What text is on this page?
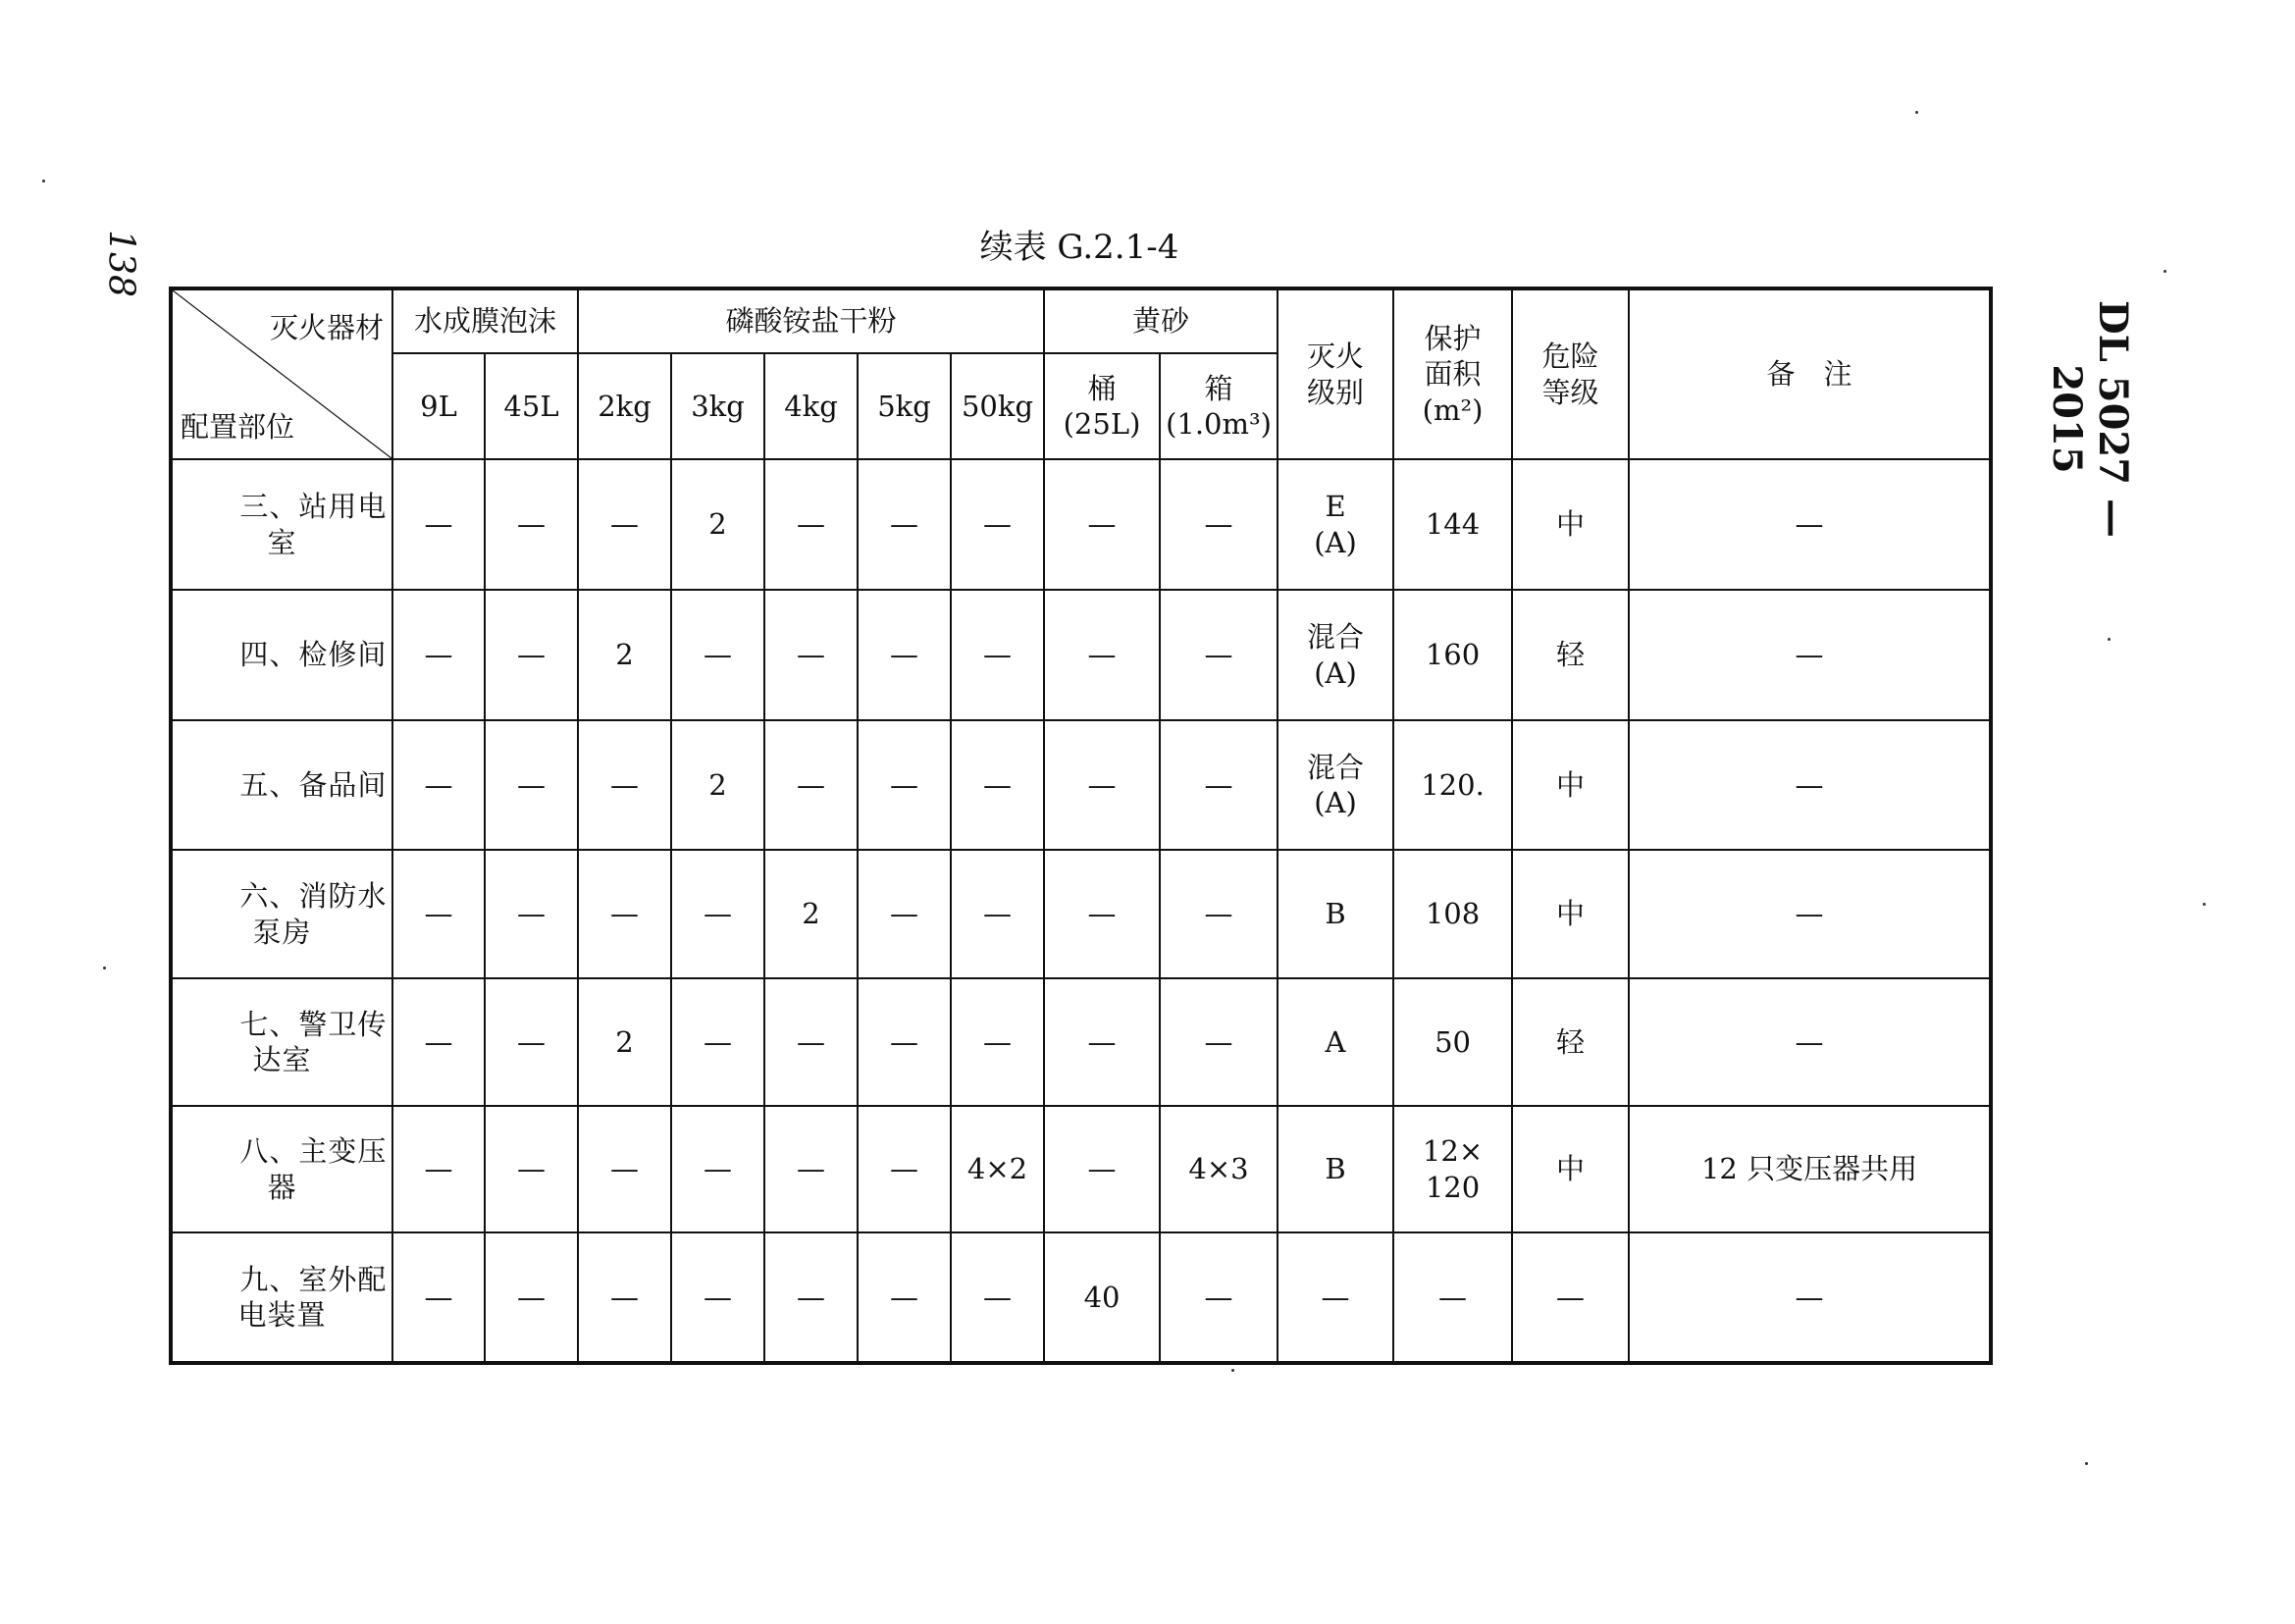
138
DL 5027 — 2015
续表 G.2.1-4
灭火器材
配置部位	水成膜泡沫		磷酸铵盐干粉					黄砂		灭火
级别	保护
面积
(m²)	危险
等级	备　注
	9L	45L	2kg	3kg	4kg	5kg	50kg	桶
(25L)	箱
(1.0m³)				
三、站用电室	—	—	—	2	—	—	—	—	—	E
(A)	144	中	—
四、检修间	—	—	2	—	—	—	—	—	—	混合
(A)	160	轻	—
五、备品间	—	—	—	2	—	—	—	—	—	混合
(A)	120.	中	—
六、消防水泵房	—	—	—	—	2	—	—	—	—	B	108	中	—
七、警卫传达室	—	—	2	—	—	—	—	—	—	A	50	轻	—
八、主变压器	—	—	—	—	—	—	4×2	—	4×3	B	12×
120	中	12 只变压器共用
九、室外配电装置	—	—	—	—	—	—	—	40	—	—	—	—	—
